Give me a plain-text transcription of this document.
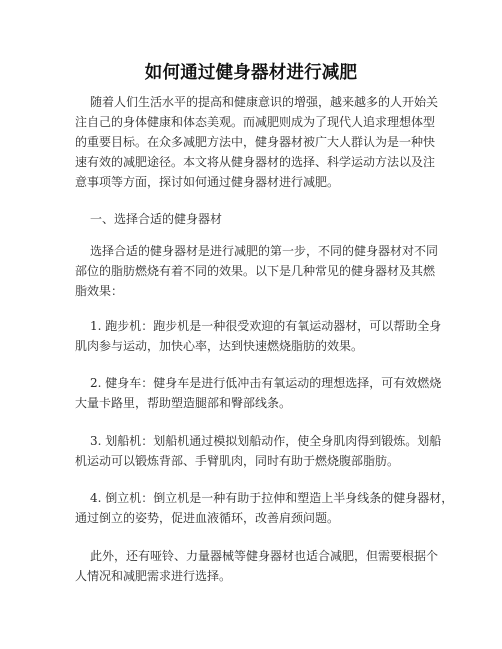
如何通过健身器材进行减肥
随着人们生活水平的提高和健康意识的增强，越来越多的人开始关
注自己的身体健康和体态美观。而减肥则成为了现代人追求理想体型
的重要目标。在众多减肥方法中，健身器材被广大人群认为是一种快
速有效的减肥途径。本文将从健身器材的选择、科学运动方法以及注
意事项等方面，探讨如何通过健身器材进行减肥。
一、选择合适的健身器材
选择合适的健身器材是进行减肥的第一步，不同的健身器材对不同
部位的脂肪燃烧有着不同的效果。以下是几种常见的健身器材及其燃
脂效果：
1. 跑步机：跑步机是一种很受欢迎的有氧运动器材，可以帮助全身
肌肉参与运动，加快心率，达到快速燃烧脂肪的效果。
2. 健身车：健身车是进行低冲击有氧运动的理想选择，可有效燃烧
大量卡路里，帮助塑造腿部和臀部线条。
3. 划船机：划船机通过模拟划船动作，使全身肌肉得到锻炼。划船
机运动可以锻炼背部、手臂肌肉，同时有助于燃烧腹部脂肪。
4. 倒立机：倒立机是一种有助于拉伸和塑造上半身线条的健身器材，
通过倒立的姿势，促进血液循环，改善肩颈问题。
此外，还有哑铃、力量器械等健身器材也适合减肥，但需要根据个
人情况和减肥需求进行选择。
